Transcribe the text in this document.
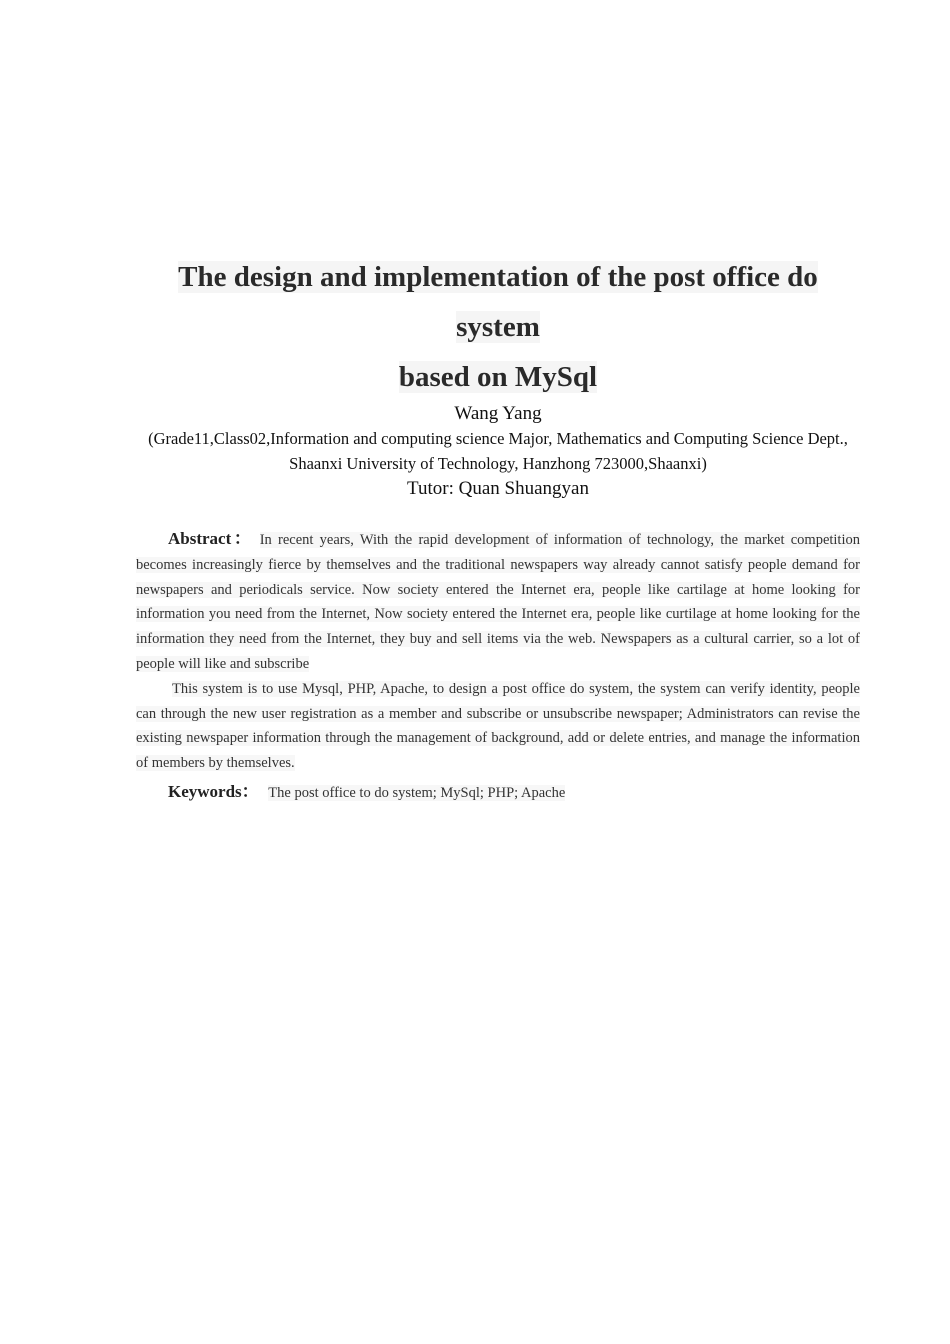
The design and implementation of the post office do system
based on MySql
Wang Yang
(Grade11,Class02,Information and computing science Major, Mathematics and Computing Science Dept.,
Shaanxi University of Technology, Hanzhong 723000,Shaanxi)
Tutor: Quan Shuangyan

Abstract： In recent years, With the rapid development of information of technology, the market competition becomes increasingly fierce by themselves and the traditional newspapers way already cannot satisfy people demand for newspapers and periodicals service. Now society entered the Internet era, people like cartilage at home looking for information you need from the Internet, Now society entered the Internet era, people like curtilage at home looking for the information they need from the Internet, they buy and sell items via the web. Newspapers as a cultural carrier, so a lot of people will like and subscribe

This system is to use Mysql, PHP, Apache, to design a post office do system, the system can verify identity, people can through the new user registration as a member and subscribe or unsubscribe newspaper; Administrators can revise the existing newspaper information through the management of background, add or delete entries, and manage the information of members by themselves.

Keywords： The post office to do system; MySql; PHP; Apache
